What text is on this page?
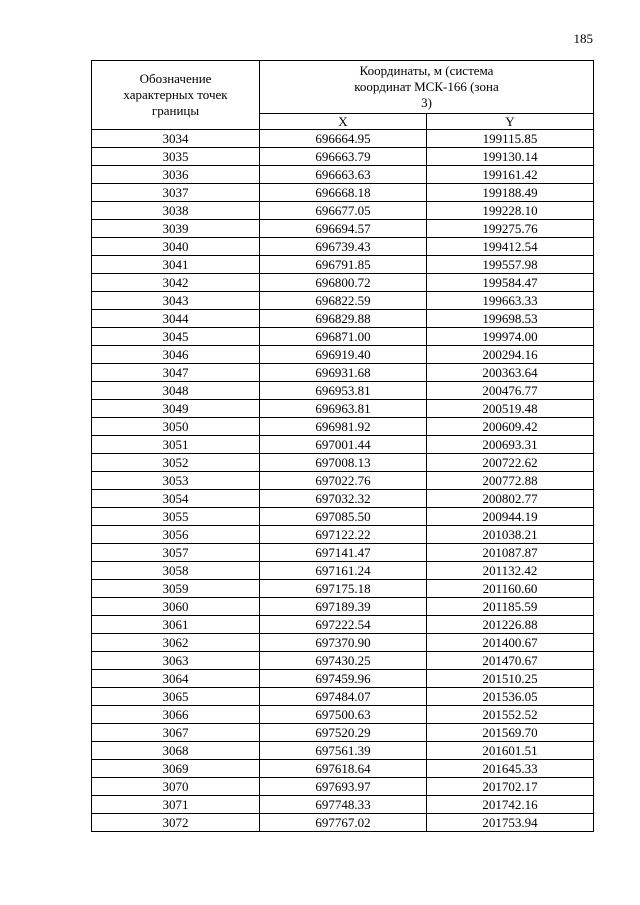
185
Обозначение характерных точек границы	Координаты, м (система координат МСК-166 (зона 3)	

	X	Y
3034	696664.95	199115.85
3035	696663.79	199130.14
3036	696663.63	199161.42
3037	696668.18	199188.49
3038	696677.05	199228.10
3039	696694.57	199275.76
3040	696739.43	199412.54
3041	696791.85	199557.98
3042	696800.72	199584.47
3043	696822.59	199663.33
3044	696829.88	199698.53
3045	696871.00	199974.00
3046	696919.40	200294.16
3047	696931.68	200363.64
3048	696953.81	200476.77
3049	696963.81	200519.48
3050	696981.92	200609.42
3051	697001.44	200693.31
3052	697008.13	200722.62
3053	697022.76	200772.88
3054	697032.32	200802.77
3055	697085.50	200944.19
3056	697122.22	201038.21
3057	697141.47	201087.87
3058	697161.24	201132.42
3059	697175.18	201160.60
3060	697189.39	201185.59
3061	697222.54	201226.88
3062	697370.90	201400.67
3063	697430.25	201470.67
3064	697459.96	201510.25
3065	697484.07	201536.05
3066	697500.63	201552.52
3067	697520.29	201569.70
3068	697561.39	201601.51
3069	697618.64	201645.33
3070	697693.97	201702.17
3071	697748.33	201742.16
3072	697767.02	201753.94
